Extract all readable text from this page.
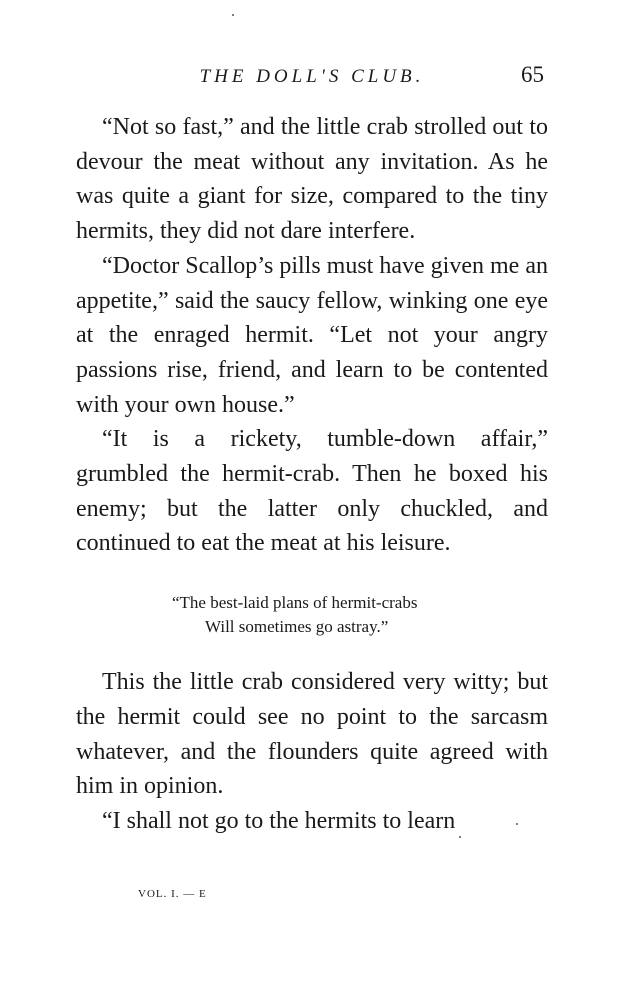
THE DOLL'S CLUB.	65

“Not so fast,” and the little crab strolled out to devour the meat without any invitation. As he was quite a giant for size, compared to the tiny hermits, they did not dare interfere.

“Doctor Scallop’s pills must have given me an appetite,” said the saucy fellow, winking one eye at the enraged hermit. “Let not your angry passions rise, friend, and learn to be contented with your own house.”

“It is a rickety, tumble-down affair,” grumbled the hermit-crab. Then he boxed his enemy; but the latter only chuckled, and continued to eat the meat at his leisure.

“The best-laid plans of hermit-crabs
Will sometimes go astray.”

This the little crab considered very witty; but the hermit could see no point to the sarcasm whatever, and the flounders quite agreed with him in opinion.

“I shall not go to the hermits to learn

VOL. I. — E
